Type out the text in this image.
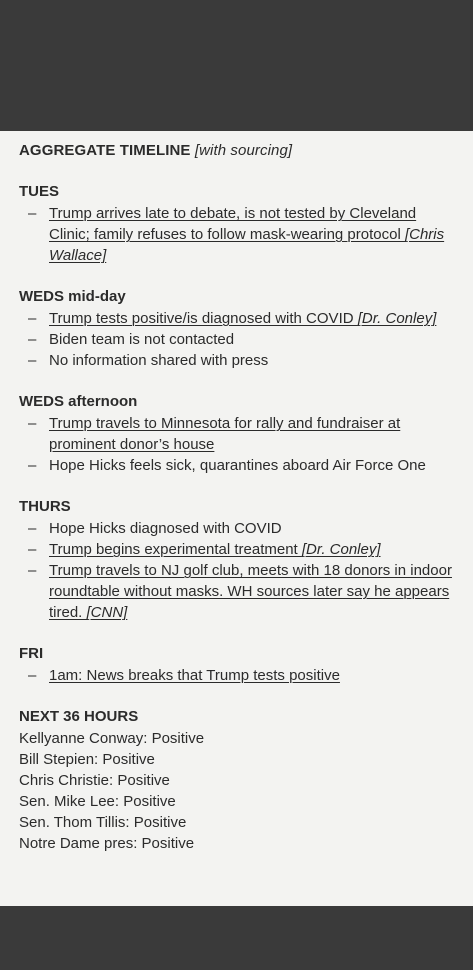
AGGREGATE TIMELINE [with sourcing]

TUES

– Trump arrives late to debate, is not tested by Cleveland Clinic; family refuses to follow mask-wearing protocol [Chris Wallace]

WEDS mid-day

– Trump tests positive/is diagnosed with COVID [Dr. Conley]
– Biden team is not contacted
– No information shared with press

WEDS afternoon

– Trump travels to Minnesota for rally and fundraiser at prominent donor’s house
– Hope Hicks feels sick, quarantines aboard Air Force One

THURS

– Hope Hicks diagnosed with COVID
– Trump begins experimental treatment [Dr. Conley]
– Trump travels to NJ golf club, meets with 18 donors in indoor roundtable without masks. WH sources later say he appears tired. [CNN]

FRI

– 1am: News breaks that Trump tests positive

NEXT 36 HOURS

Kellyanne Conway: Positive
Bill Stepien: Positive
Chris Christie: Positive
Sen. Mike Lee: Positive
Sen. Thom Tillis: Positive
Notre Dame pres: Positive
